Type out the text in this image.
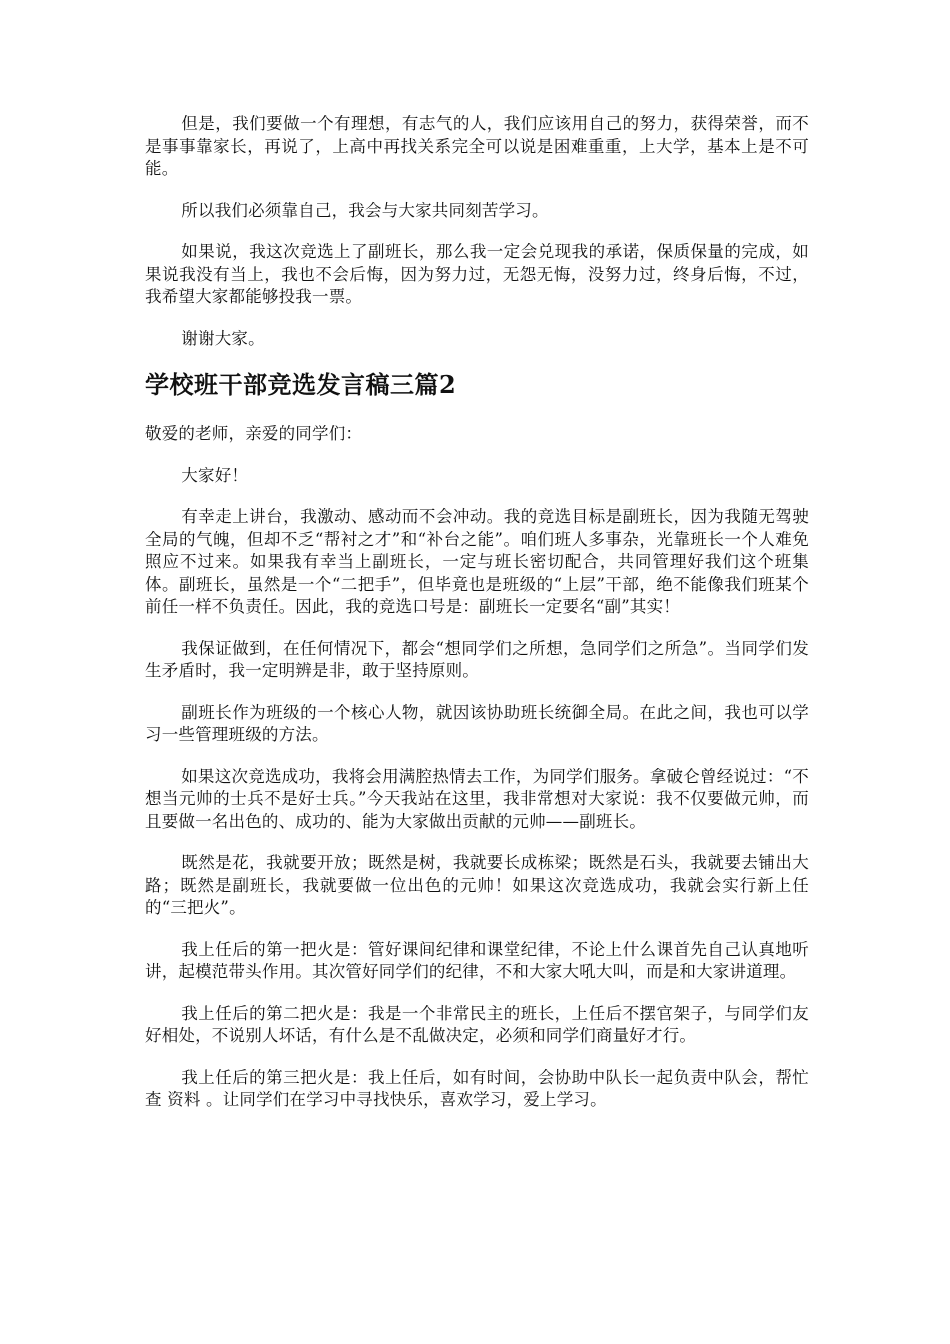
但是，我们要做一个有理想，有志气的人，我们应该用自己的努力，获得荣誉，而不是事事靠家长，再说了，上高中再找关系完全可以说是困难重重，上大学，基本上是不可能。

所以我们必须靠自己，我会与大家共同刻苦学习。

如果说，我这次竞选上了副班长，那么我一定会兑现我的承诺，保质保量的完成，如果说我没有当上，我也不会后悔，因为努力过，无怨无悔，没努力过，终身后悔，不过，我希望大家都能够投我一票。

谢谢大家。

学校班干部竞选发言稿三篇2

敬爱的老师，亲爱的同学们：

大家好！

有幸走上讲台，我激动、感动而不会冲动。我的竞选目标是副班长，因为我随无驾驶全局的气魄，但却不乏“帮衬之才”和“补台之能”。咱们班人多事杂，光靠班长一个人难免照应不过来。如果我有幸当上副班长，一定与班长密切配合，共同管理好我们这个班集体。副班长，虽然是一个“二把手”，但毕竟也是班级的“上层”干部，绝不能像我们班某个前任一样不负责任。因此，我的竞选口号是：副班长一定要名“副”其实！

我保证做到，在任何情况下，都会“想同学们之所想，急同学们之所急”。当同学们发生矛盾时，我一定明辨是非，敢于坚持原则。

副班长作为班级的一个核心人物，就因该协助班长统御全局。在此之间，我也可以学习一些管理班级的方法。

如果这次竞选成功，我将会用满腔热情去工作，为同学们服务。拿破仑曾经说过：“不想当元帅的士兵不是好士兵。”今天我站在这里，我非常想对大家说：我不仅要做元帅，而且要做一名出色的、成功的、能为大家做出贡献的元帅——副班长。

既然是花，我就要开放；既然是树，我就要长成栋梁；既然是石头，我就要去铺出大路；既然是副班长，我就要做一位出色的元帅！如果这次竞选成功，我就会实行新上任的“三把火”。

我上任后的第一把火是：管好课间纪律和课堂纪律，不论上什么课首先自己认真地听讲，起模范带头作用。其次管好同学们的纪律，不和大家大吼大叫，而是和大家讲道理。

我上任后的第二把火是：我是一个非常民主的班长，上任后不摆官架子，与同学们友好相处，不说别人坏话，有什么是不乱做决定，必须和同学们商量好才行。

我上任后的第三把火是：我上任后，如有时间，会协助中队长一起负责中队会，帮忙查 资料 。让同学们在学习中寻找快乐，喜欢学习，爱上学习。
